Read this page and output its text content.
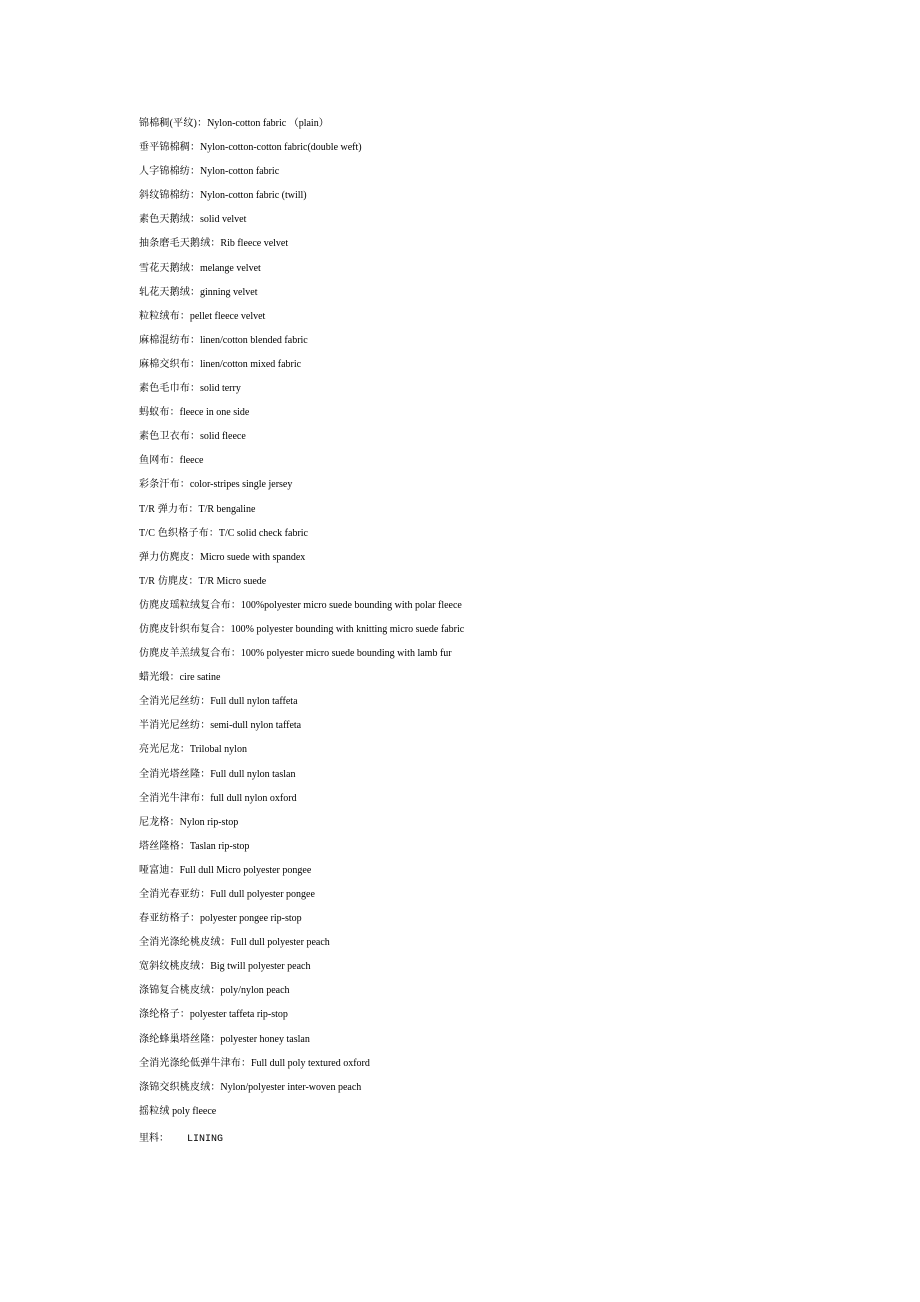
锦棉稠(平纹)：Nylon-cotton fabric （plain）
垂平锦棉稠：Nylon-cotton-cotton fabric(double weft)
人字锦棉纺：Nylon-cotton fabric
斜纹锦棉纺：Nylon-cotton fabric (twill)
素色天鹅绒：solid velvet
抽条磨毛天鹅绒：Rib fleece velvet
雪花天鹅绒：melange velvet
轧花天鹅绒：ginning velvet
粒粒绒布：pellet fleece velvet
麻棉混纺布：linen/cotton blended fabric
麻棉交织布：linen/cotton mixed fabric
素色毛巾布：solid terry
蚂蚁布：fleece in one side
素色卫衣布：solid fleece
鱼网布：fleece
彩条汗布：color-stripes single jersey
T/R 弹力布：T/R bengaline
T/C 色织格子布：T/C solid check fabric
弹力仿麂皮：Micro suede with spandex
T/R 仿麂皮：T/R Micro suede
仿麂皮瑶粒绒复合布：100%polyester micro suede bounding with polar fleece
仿麂皮针织布复合：100% polyester bounding with knitting micro suede fabric
仿麂皮羊羔绒复合布：100% polyester micro suede bounding with lamb fur
蜡光缎：cire satine
全消光尼丝纺：Full dull nylon taffeta
半消光尼丝纺：semi-dull nylon taffeta
亮光尼龙：Trilobal nylon
全消光塔丝隆：Full dull nylon taslan
全消光牛津布：full dull nylon oxford
尼龙格：Nylon rip-stop
塔丝隆格：Taslan rip-stop
哑富迪：Full dull Micro polyester pongee
全消光春亚纺：Full dull polyester pongee
春亚纺格子：polyester pongee rip-stop
全消光涤纶桃皮绒：Full dull polyester peach
宽斜纹桃皮绒：Big twill polyester peach
涤锦复合桃皮绒：poly/nylon peach
涤纶格子：polyester taffeta rip-stop
涤纶蜂巢塔丝隆：polyester honey taslan
全消光涤纶低弹牛津布：Full dull poly textured oxford
涤锦交织桃皮绒：Nylon/polyester inter-woven peach
摇粒绒 poly fleece
里料： LINING
